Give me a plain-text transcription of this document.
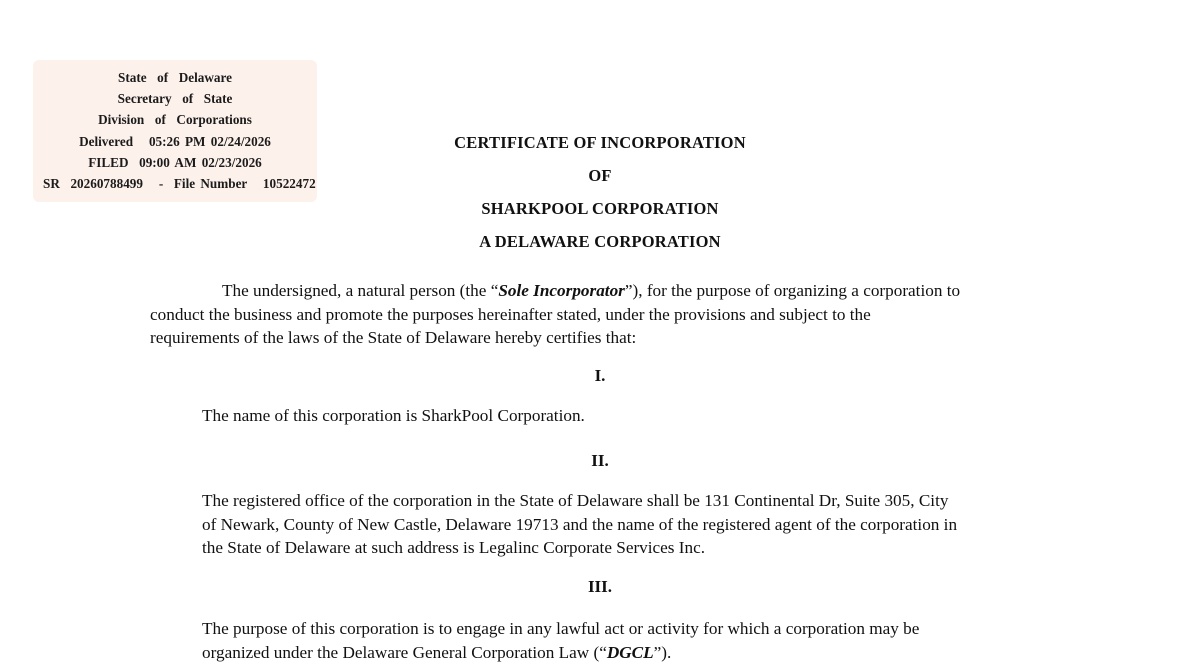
State  of  Delaware
Secretary  of  State
Division  of  Corporations
Delivered   05:26 PM 02/24/2026
FILED  09:00 AM 02/23/2026
SR  20260788499   -  File Number   10522472
CERTIFICATE OF INCORPORATION
OF
SHARKPOOL CORPORATION
A DELAWARE CORPORATION

The undersigned, a natural person (the “Sole Incorporator”), for the purpose of organizing a corporation to
conduct the business and promote the purposes hereinafter stated, under the provisions and subject to the
requirements of the laws of the State of Delaware hereby certifies that:

I.

The name of this corporation is SharkPool Corporation.

II.

The registered office of the corporation in the State of Delaware shall be 131 Continental Dr, Suite 305, City
of Newark, County of New Castle, Delaware 19713 and the name of the registered agent of the corporation in
the State of Delaware at such address is Legalinc Corporate Services Inc.

III.

The purpose of this corporation is to engage in any lawful act or activity for which a corporation may be
organized under the Delaware General Corporation Law (“DGCL”).
